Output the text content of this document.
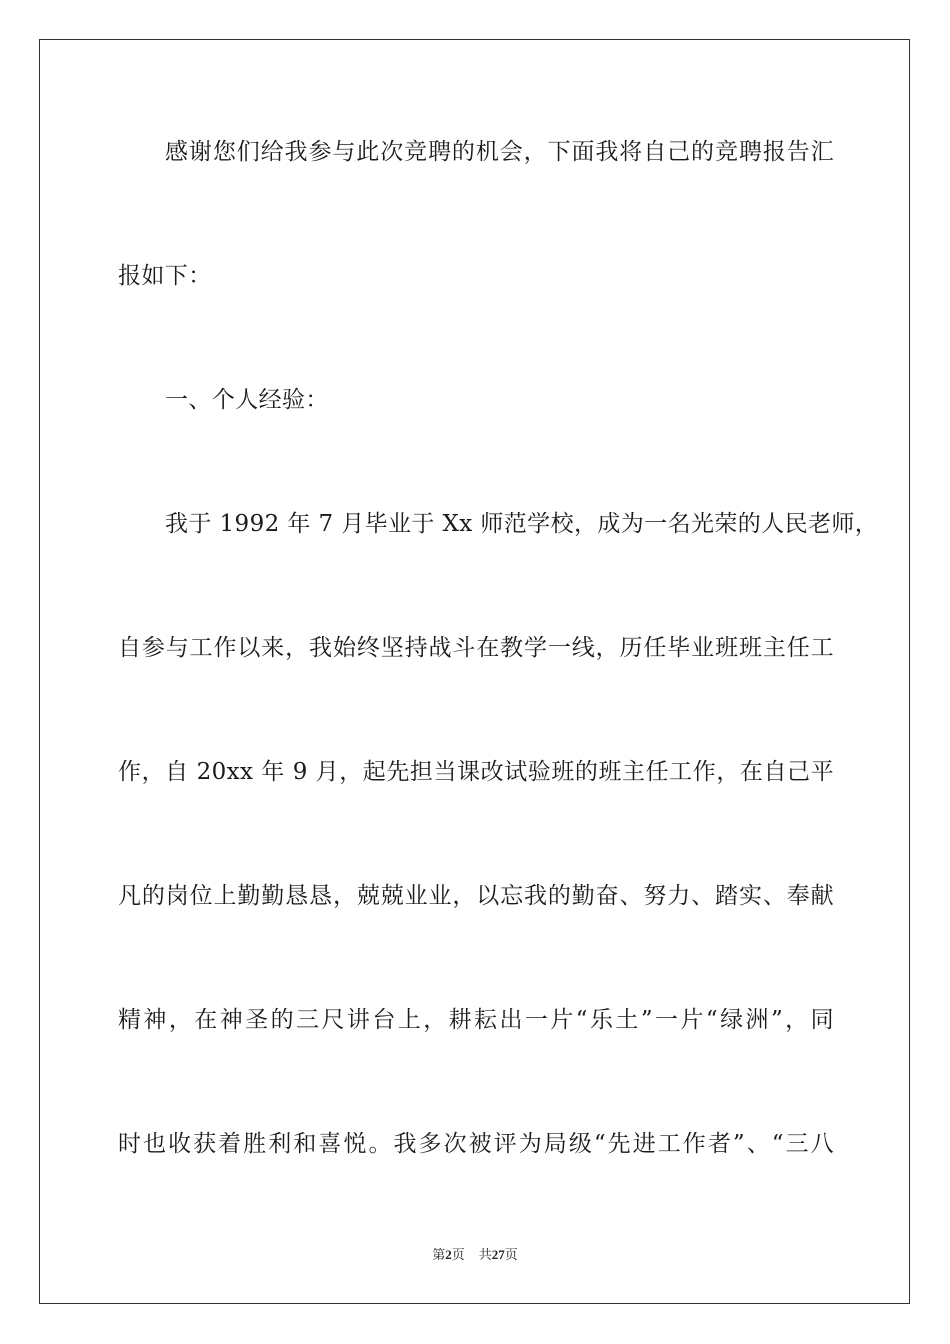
感谢您们给我参与此次竞聘的机会，下面我将自己的竞聘报告汇
报如下：
一、个人经验：
我于 1992 年 7 月毕业于 Xx 师范学校，成为一名光荣的人民老师，
自参与工作以来，我始终坚持战斗在教学一线，历任毕业班班主任工
作，自 20xx 年 9 月，起先担当课改试验班的班主任工作，在自己平
凡的岗位上勤勤恳恳，兢兢业业，以忘我的勤奋、努力、踏实、奉献
精神，在神圣的三尺讲台上，耕耘出一片“乐土”一片“绿洲”，同
时也收获着胜利和喜悦。我多次被评为局级“先进工作者”、“三八
第2页 共27页
